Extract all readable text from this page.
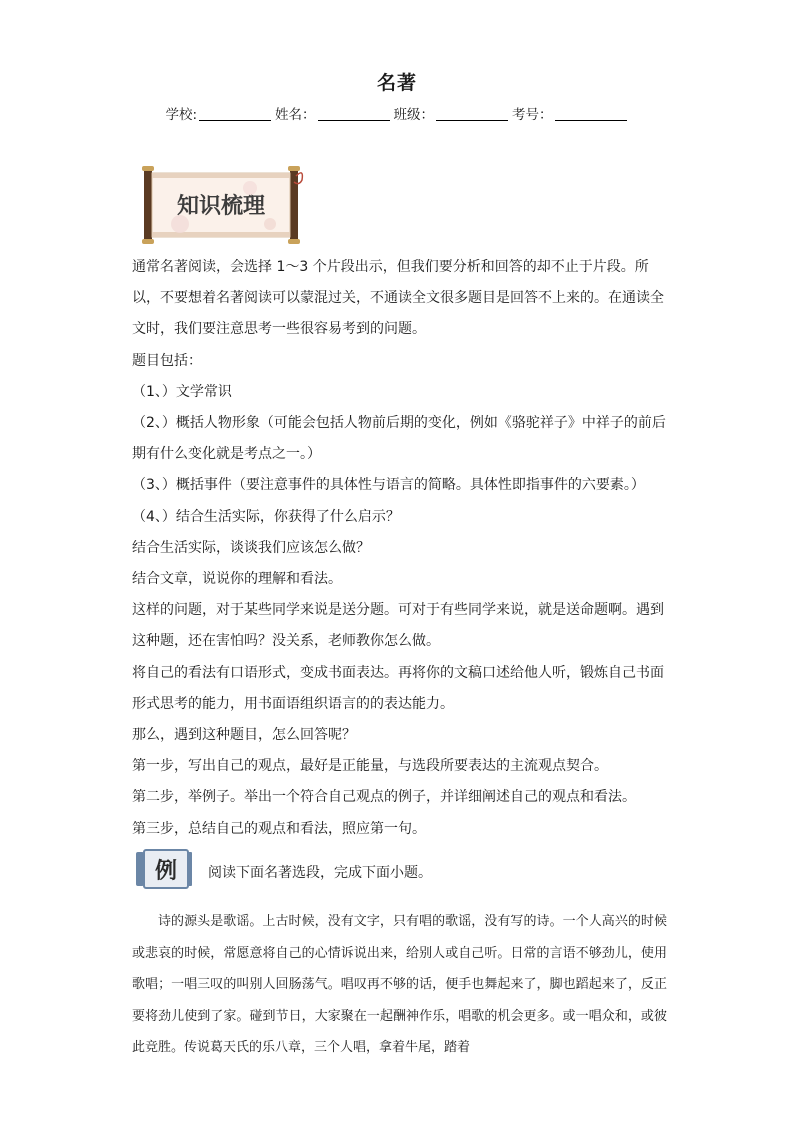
名著
学校:	姓名：	班级：	考号：
知识梳理

通常名著阅读，会选择 1～3 个片段出示，但我们要分析和回答的却不止于片段。所以，不要想着名著阅读可以蒙混过关，不通读全文很多题目是回答不上来的。在通读全文时，我们要注意思考一些很容易考到的问题。

题目包括：

（1、）文学常识

（2、）概括人物形象（可能会包括人物前后期的变化，例如《骆驼祥子》中祥子的前后期有什么变化就是考点之一。）

（3、）概括事件（要注意事件的具体性与语言的简略。具体性即指事件的六要素。）

（4、）结合生活实际，你获得了什么启示？

结合生活实际，谈谈我们应该怎么做？

结合文章，说说你的理解和看法。

这样的问题，对于某些同学来说是送分题。可对于有些同学来说，就是送命题啊。遇到这种题，还在害怕吗？没关系，老师教你怎么做。

将自己的看法有口语形式，变成书面表达。再将你的文稿口述给他人听，锻炼自己书面形式思考的能力，用书面语组织语言的的表达能力。

那么，遇到这种题目，怎么回答呢？

第一步，写出自己的观点，最好是正能量，与选段所要表达的主流观点契合。

第二步，举例子。举出一个符合自己观点的例子，并详细阐述自己的观点和看法。

第三步，总结自己的观点和看法，照应第一句。

例 阅读下面名著选段，完成下面小题。

诗的源头是歌谣。上古时候，没有文字，只有唱的歌谣，没有写的诗。一个人高兴的时候或悲哀的时候，常愿意将自己的心情诉说出来，给别人或自己听。日常的言语不够劲儿，使用歌唱；一唱三叹的叫别人回肠荡气。唱叹再不够的话，便手也舞起来了，脚也蹈起来了，反正要将劲儿使到了家。碰到节日，大家聚在一起酬神作乐，唱歌的机会更多。或一唱众和，或彼此竞胜。传说葛天氏的乐八章，三个人唱，拿着牛尾，踏着
